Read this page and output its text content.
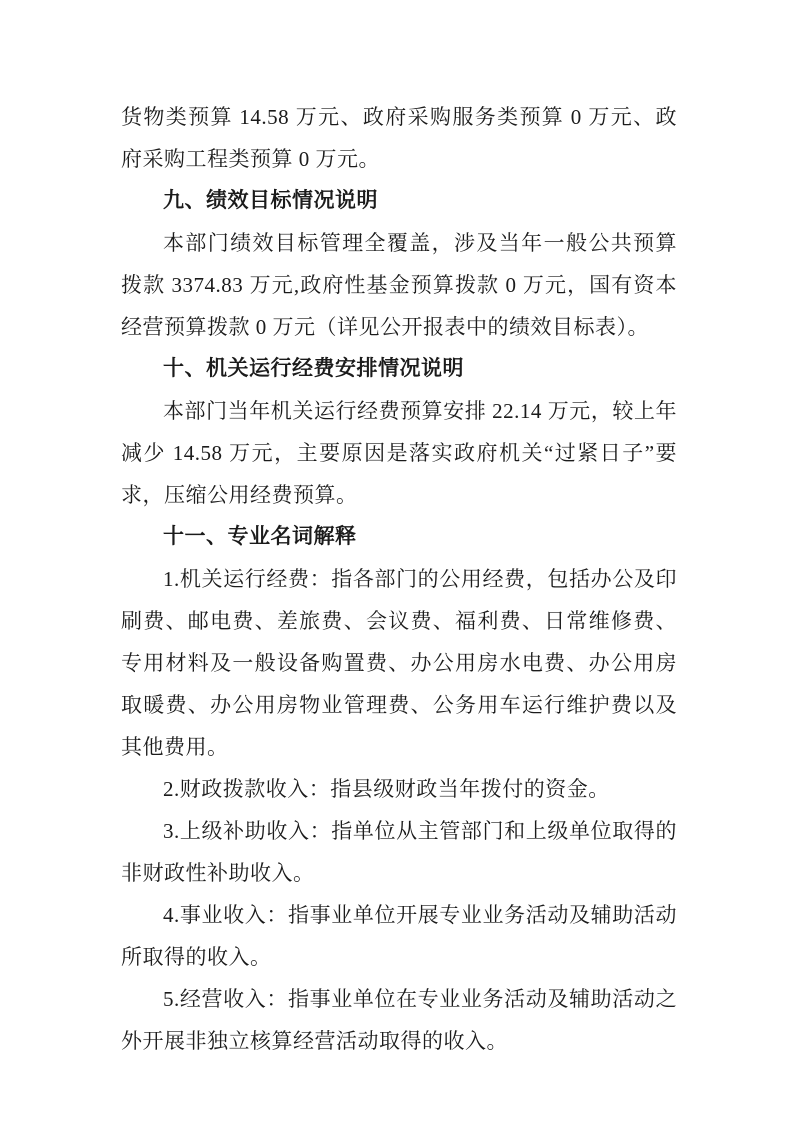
货物类预算 14.58 万元、政府采购服务类预算 0 万元、政府采购工程类预算 0 万元。

九、绩效目标情况说明

本部门绩效目标管理全覆盖，涉及当年一般公共预算拨款 3374.83 万元,政府性基金预算拨款 0 万元，国有资本经营预算拨款 0 万元（详见公开报表中的绩效目标表）。

十、机关运行经费安排情况说明

本部门当年机关运行经费预算安排 22.14 万元，较上年减少 14.58 万元，主要原因是落实政府机关“过紧日子”要求，压缩公用经费预算。

十一、专业名词解释

1.机关运行经费：指各部门的公用经费，包括办公及印刷费、邮电费、差旅费、会议费、福利费、日常维修费、专用材料及一般设备购置费、办公用房水电费、办公用房取暖费、办公用房物业管理费、公务用车运行维护费以及其他费用。

2.财政拨款收入：指县级财政当年拨付的资金。

3.上级补助收入：指单位从主管部门和上级单位取得的非财政性补助收入。

4.事业收入：指事业单位开展专业业务活动及辅助活动所取得的收入。

5.经营收入：指事业单位在专业业务活动及辅助活动之外开展非独立核算经营活动取得的收入。
